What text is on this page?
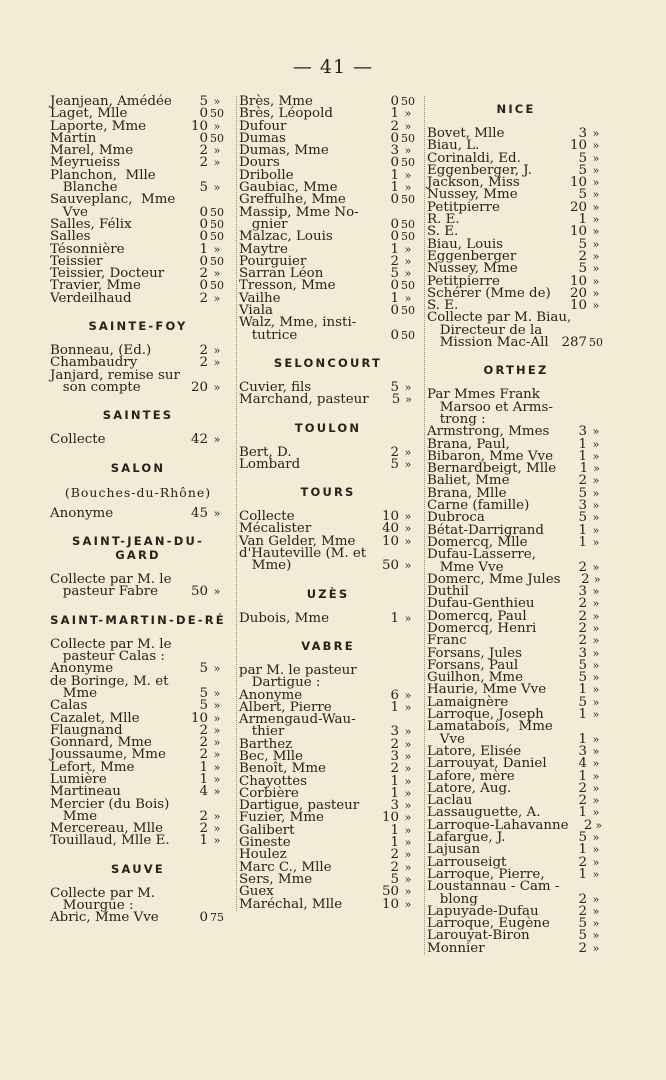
— 41 —
Jeanjean, Amédée	5 »
Laget, Mlle	0 50
Laporte, Mme	10 »
Martin	0 50
Marel, Mme	2 »
Meyrueiss	2 »
Planchon,  Mlle
Blanche	5 »
Sauveplanc,  Mme
Vve	0 50
Salles, Félix	0 50
Salles	0 50
Tésonnière	1 »
Teissier	0 50
Teissier, Docteur	2 »
Travier, Mme	0 50
Verdeilhaud	2 »
SAINTE-FOY
Bonneau, (Ed.)	2 »
Chambaudry	2 »
Janjard, remise sur
son compte	20 »
SAINTES
Collecte	42 »
SALON
(Bouches-du-Rhône)
Anonyme	45 »
SAINT-JEAN-DU-GARD
Collecte par M. le
pasteur Fabre	50 »
SAINT-MARTIN-DE-RÉ
Collecte par M. le
pasteur Calas :
Anonyme	5 »
de Boringe, M. et
Mme	5 »
Calas	5 »
Cazalet, Mlle	10 »
Flaugnand	2 »
Gonnard, Mme	2 »
Joussaume, Mme	2 »
Lefort, Mme	1 »
Lumière	1 »
Martineau	4 »
Mercier (du Bois)
Mme	2 »
Mercereau, Mlle	2 »
Touillaud, Mlle E.	1 »
SAUVE
Collecte par M.
Mourgue :
Abric, Mme Vve	0 75
Brès, Mme	0 50
Brès, Léopold	1 »
Dufour	2 »
Dumas	0 50
Dumas, Mme	3 »
Dours	0 50
Dribolle	1 »
Gaubiac, Mme	1 »
Greffulhe, Mme	0 50
Massip, Mme No-
gnier	0 50
Malzac, Louis	0 50
Maytre	1 »
Pourguier	2 »
Sarran Léon	5 »
Tresson, Mme	0 50
Vailhe	1 »
Viala	0 50
Walz, Mme, insti-
tutrice	0 50
SELONCOURT
Cuvier, fils	5 »
Marchand, pasteur	5 »
TOULON
Bert, D.	2 »
Lombard	5 »
TOURS
Collecte	10 »
Mécalister	40 »
Van Gelder, Mme	10 »
d'Hauteville (M. et
Mme)	50 »
UZÈS
Dubois, Mme	1 »
VABRE
par M. le pasteur
Dartigue :
Anonyme	6 »
Albert, Pierre	1 »
Armengaud-Wau-
thier	3 »
Barthez	2 »
Bec, Mlle	3 »
Benoît, Mme	2 »
Chayottes	1 »
Corbière	1 »
Dartigue, pasteur	3 »
Fuzier, Mme	10 »
Galibert	1 »
Gineste	1 »
Houlez	2 »
Marc C., Mlle	2 »
Sers, Mme	5 »
Guex	50 »
Maréchal, Mlle	10 »
NICE
Bovet, Mlle	3 »
Biau, L.	10 »
Corinaldi, Ed.	5 »
Eggenberger, J.	5 »
Jackson, Miss	10 »
Nussey, Mme	5 »
Petitpierre	20 »
R. E.	1 »
S. E.	10 »
Biau, Louis	5 »
Eggenberger	2 »
Nussey, Mme	5 »
Petitpierre	10 »
Schérer (Mme de)	20 »
S. E.	10 »
Collecte par M. Biau,
Directeur de la
Mission Mac-All 287 50
ORTHEZ
Par Mmes Frank
Marsoo et Arms-
trong :
Armstrong, Mmes	3 »
Brana, Paul,	1 »
Bibaron, Mme Vve	1 »
Bernardbeigt, Mlle	1 »
Baliet, Mme	2 »
Brana, Mlle	5 »
Carne (famille)	3 »
Dubroca	5 »
Bétat-Darrigrand	1 »
Domercq, Mlle	1 »
Dufau-Lasserre,
Mme Vve	2 »
Domerc, Mme Jules	2 »
Duthil	3 »
Dufau-Genthieu	2 »
Domercq, Paul	2 »
Domercq, Henri	2 »
Franc	2 »
Forsans, Jules	3 »
Forsans, Paul	5 »
Guilhon, Mme	5 »
Haurie, Mme Vve	1 »
Lamaignère	5 »
Larroque, Joseph	1 »
Lamatabois,  Mme
Vve	1 »
Latore, Elisée	3 »
Larrouyat, Daniel	4 »
Lafore, mère	1 »
Latore, Aug.	2 »
Laclau	2 »
Lassauguette, A.	1 »
Larroque-Lahavanne	2 »
Lafargue, J.	5 »
Lajusan	1 »
Larrouseigt	2 »
Larroque, Pierre,	1 »
Loustannau - Cam -
blong	2 »
Lapuyade-Dufau	2 »
Larroque, Eugène	5 »
Larouyat-Biron	5 »
Monnier	2 »
